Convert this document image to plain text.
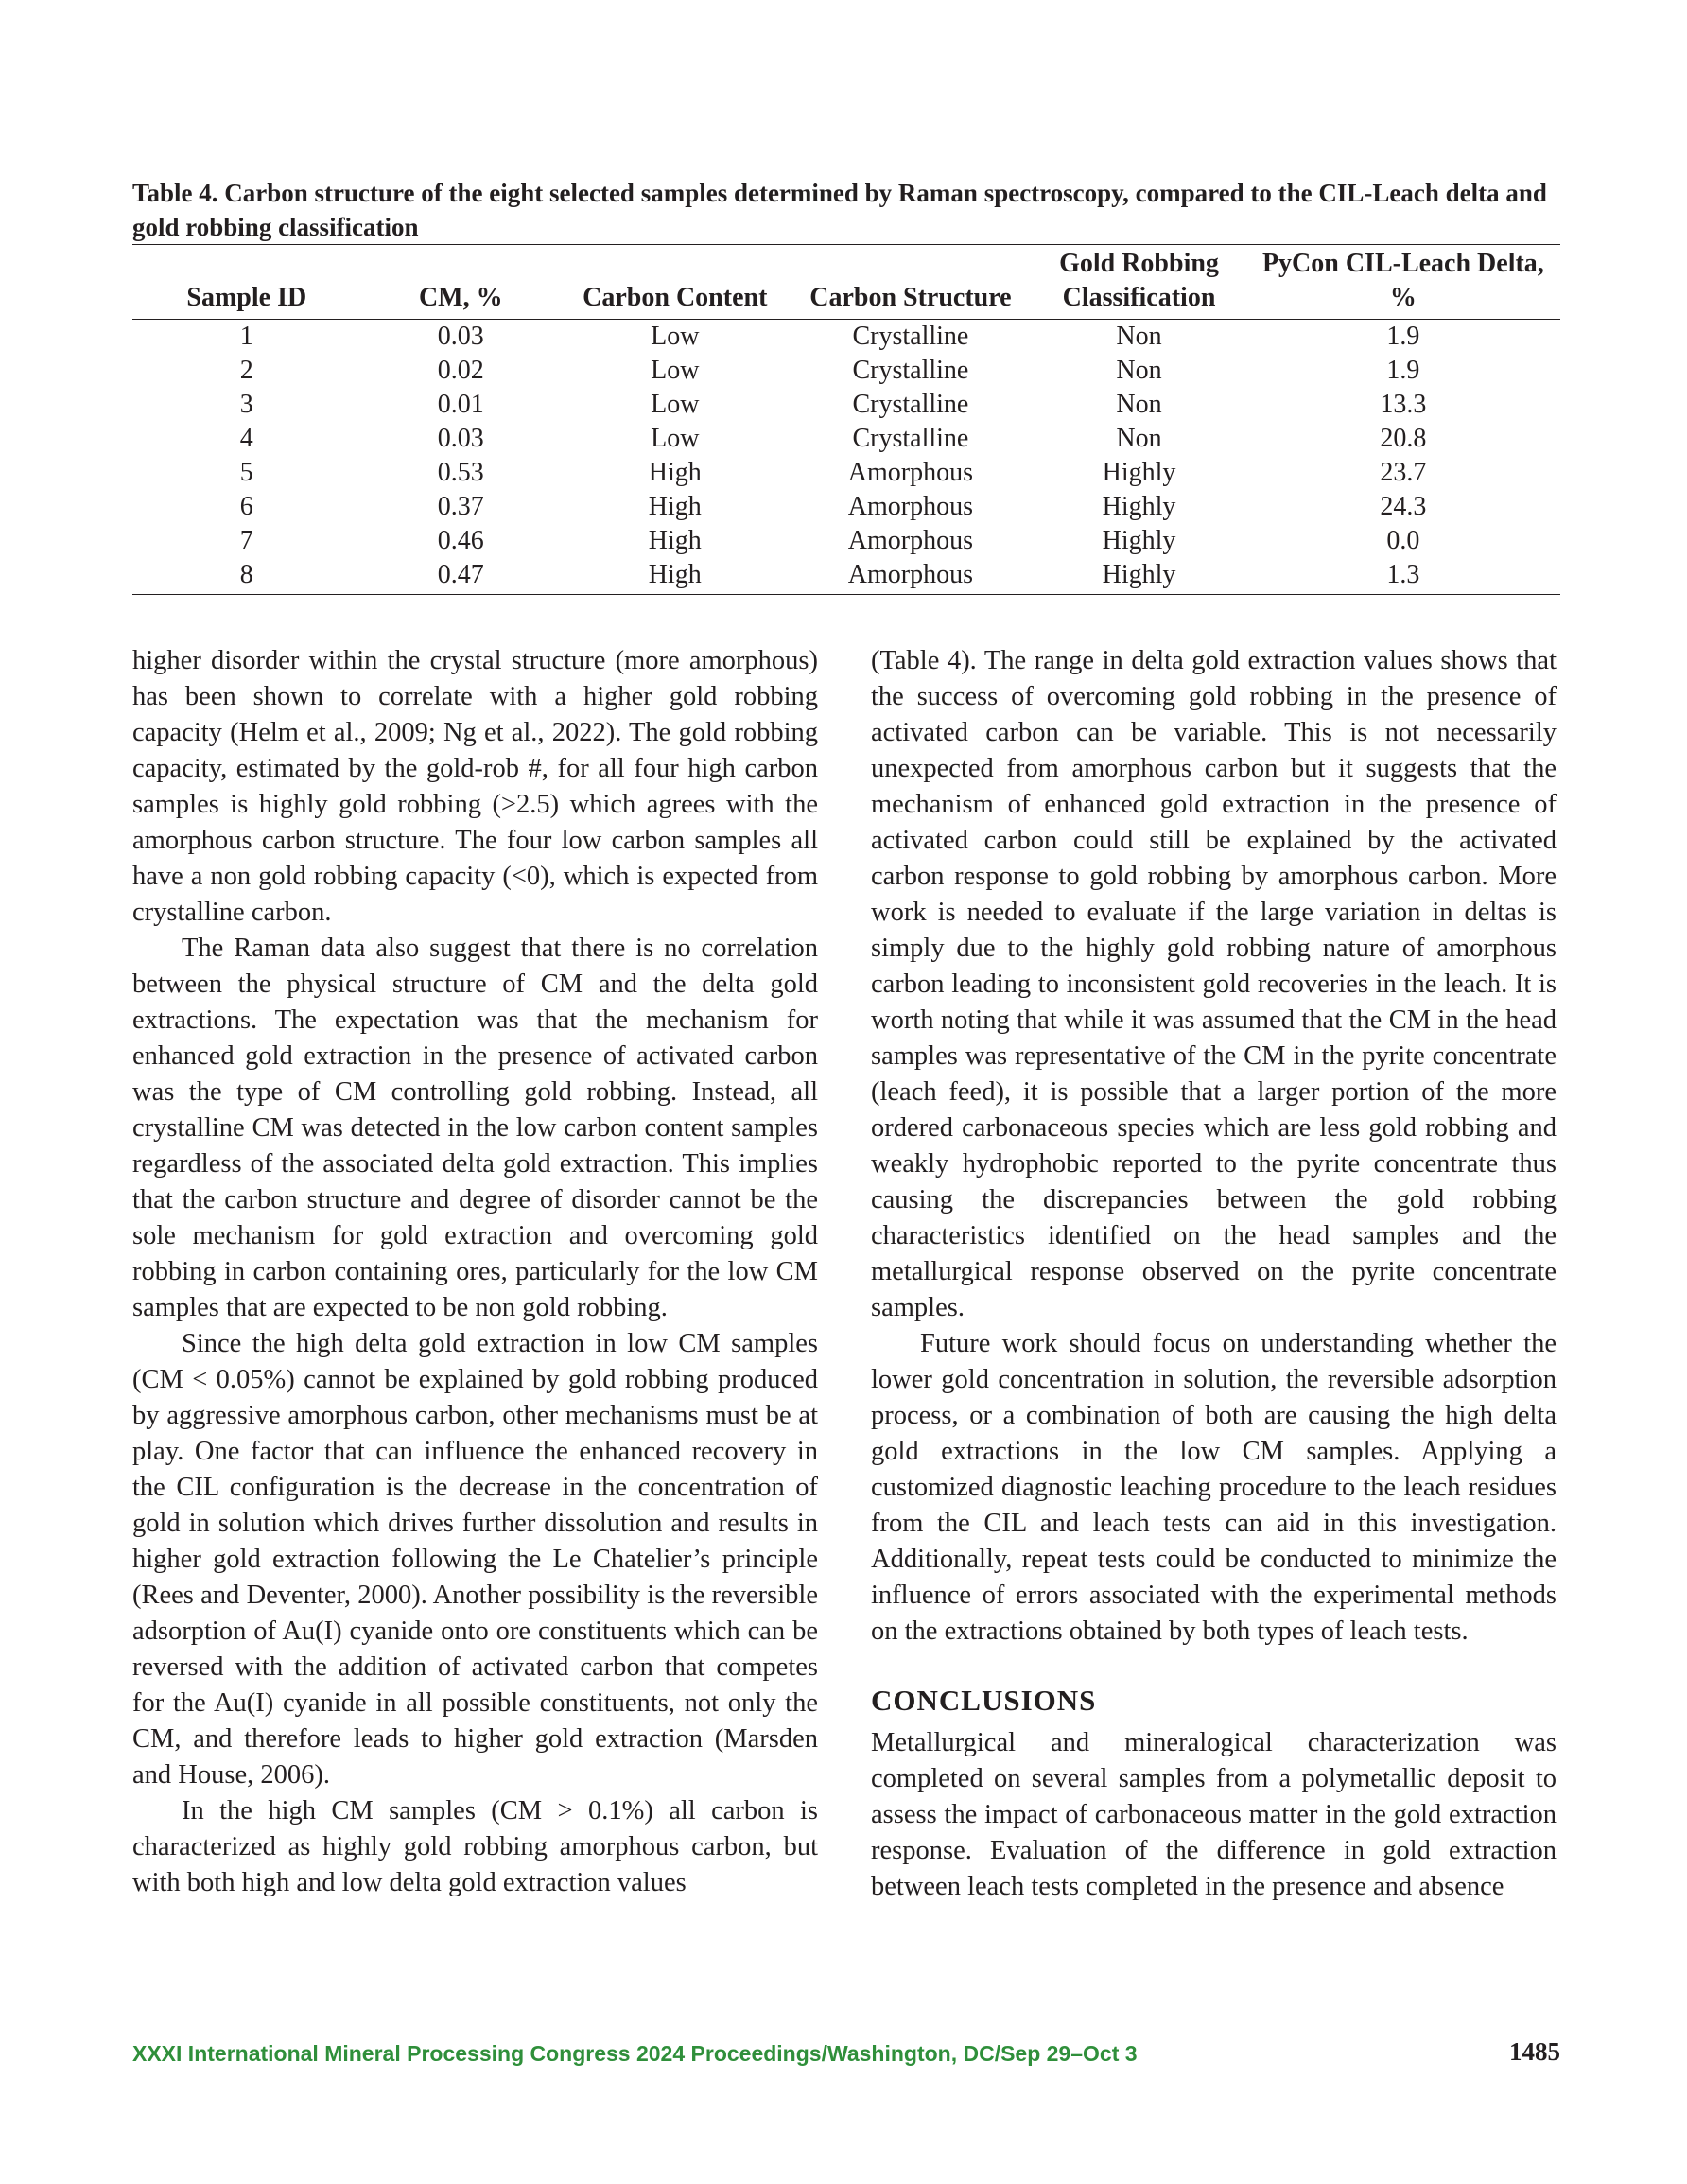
Table 4. Carbon structure of the eight selected samples determined by Raman spectroscopy, compared to the CIL-Leach delta and gold robbing classification
Sample ID	CM, %	Carbon Content	Carbon Structure	Gold Robbing Classification	PyCon CIL-Leach Delta, %
1	0.03	Low	Crystalline	Non	1.9
2	0.02	Low	Crystalline	Non	1.9
3	0.01	Low	Crystalline	Non	13.3
4	0.03	Low	Crystalline	Non	20.8
5	0.53	High	Amorphous	Highly	23.7
6	0.37	High	Amorphous	Highly	24.3
7	0.46	High	Amorphous	Highly	0.0
8	0.47	High	Amorphous	Highly	1.3

higher disorder within the crystal structure (more amorphous) has been shown to correlate with a higher gold robbing capacity (Helm et al., 2009; Ng et al., 2022). The gold robbing capacity, estimated by the gold-rob #, for all four high carbon samples is highly gold robbing (>2.5) which agrees with the amorphous carbon structure. The four low carbon samples all have a non gold robbing capacity (<0), which is expected from crystalline carbon.

The Raman data also suggest that there is no correlation between the physical structure of CM and the delta gold extractions. The expectation was that the mechanism for enhanced gold extraction in the presence of activated carbon was the type of CM controlling gold robbing. Instead, all crystalline CM was detected in the low carbon content samples regardless of the associated delta gold extraction. This implies that the carbon structure and degree of disorder cannot be the sole mechanism for gold extraction and overcoming gold robbing in carbon containing ores, particularly for the low CM samples that are expected to be non gold robbing.

Since the high delta gold extraction in low CM samples (CM < 0.05%) cannot be explained by gold robbing produced by aggressive amorphous carbon, other mechanisms must be at play. One factor that can influence the enhanced recovery in the CIL configuration is the decrease in the concentration of gold in solution which drives further dissolution and results in higher gold extraction following the Le Chatelier’s principle (Rees and Deventer, 2000). Another possibility is the reversible adsorption of Au(I) cyanide onto ore constituents which can be reversed with the addition of activated carbon that competes for the Au(I) cyanide in all possible constituents, not only the CM, and therefore leads to higher gold extraction (Marsden and House, 2006).

In the high CM samples (CM > 0.1%) all carbon is characterized as highly gold robbing amorphous carbon, but with both high and low delta gold extraction values

(Table 4). The range in delta gold extraction values shows that the success of overcoming gold robbing in the presence of activated carbon can be variable. This is not necessarily unexpected from amorphous carbon but it suggests that the mechanism of enhanced gold extraction in the presence of activated carbon could still be explained by the activated carbon response to gold robbing by amorphous carbon. More work is needed to evaluate if the large variation in deltas is simply due to the highly gold robbing nature of amorphous carbon leading to inconsistent gold recoveries in the leach. It is worth noting that while it was assumed that the CM in the head samples was representative of the CM in the pyrite concentrate (leach feed), it is possible that a larger portion of the more ordered carbonaceous species which are less gold robbing and weakly hydrophobic reported to the pyrite concentrate thus causing the discrepancies between the gold robbing characteristics identified on the head samples and the metallurgical response observed on the pyrite concentrate samples.

Future work should focus on understanding whether the lower gold concentration in solution, the reversible adsorption process, or a combination of both are causing the high delta gold extractions in the low CM samples. Applying a customized diagnostic leaching procedure to the leach residues from the CIL and leach tests can aid in this investigation. Additionally, repeat tests could be conducted to minimize the influence of errors associated with the experimental methods on the extractions obtained by both types of leach tests.

CONCLUSIONS

Metallurgical and mineralogical characterization was completed on several samples from a polymetallic deposit to assess the impact of carbonaceous matter in the gold extraction response. Evaluation of the difference in gold extraction between leach tests completed in the presence and absence

XXXI International Mineral Processing Congress 2024 Proceedings/Washington, DC/Sep 29–Oct 3	1485
